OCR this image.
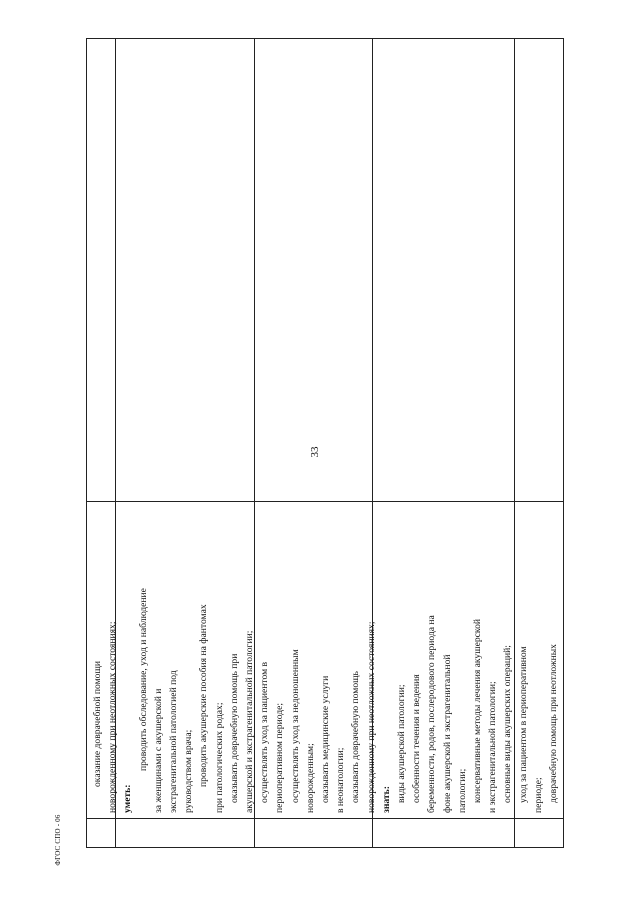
33
оказание доврачебной помощи новорожденному при неотложных состояниях; уметь:
проводить обследование, уход и наблюдение за женщинами с акушерской и экстрагенитальной патологией под руководством врача; проводить акушерские пособия на фантомах при патологических родах; оказывать доврачебную помощь при акушерской и экстрагенитальной патологии; осуществлять уход за пациентом в периоперативном периоде; осуществлять уход за недоношенным новорожденным; оказывать медицинские услуги в неонатологии; оказывать доврачебную помощь новорожденному при неотложных состояниях; знать: виды акушерской патологии; особенности течения и ведения беременности, родов, послеродового периода на фоне акушерской и экстрагенитальной патологии; консервативные методы лечения акушерской и экстрагенитальной патологии; основные виды акушерских операций; уход за пациентом в периоперативном периоде; доврачебную помощь при неотложных
ФГОС СПО - 06
